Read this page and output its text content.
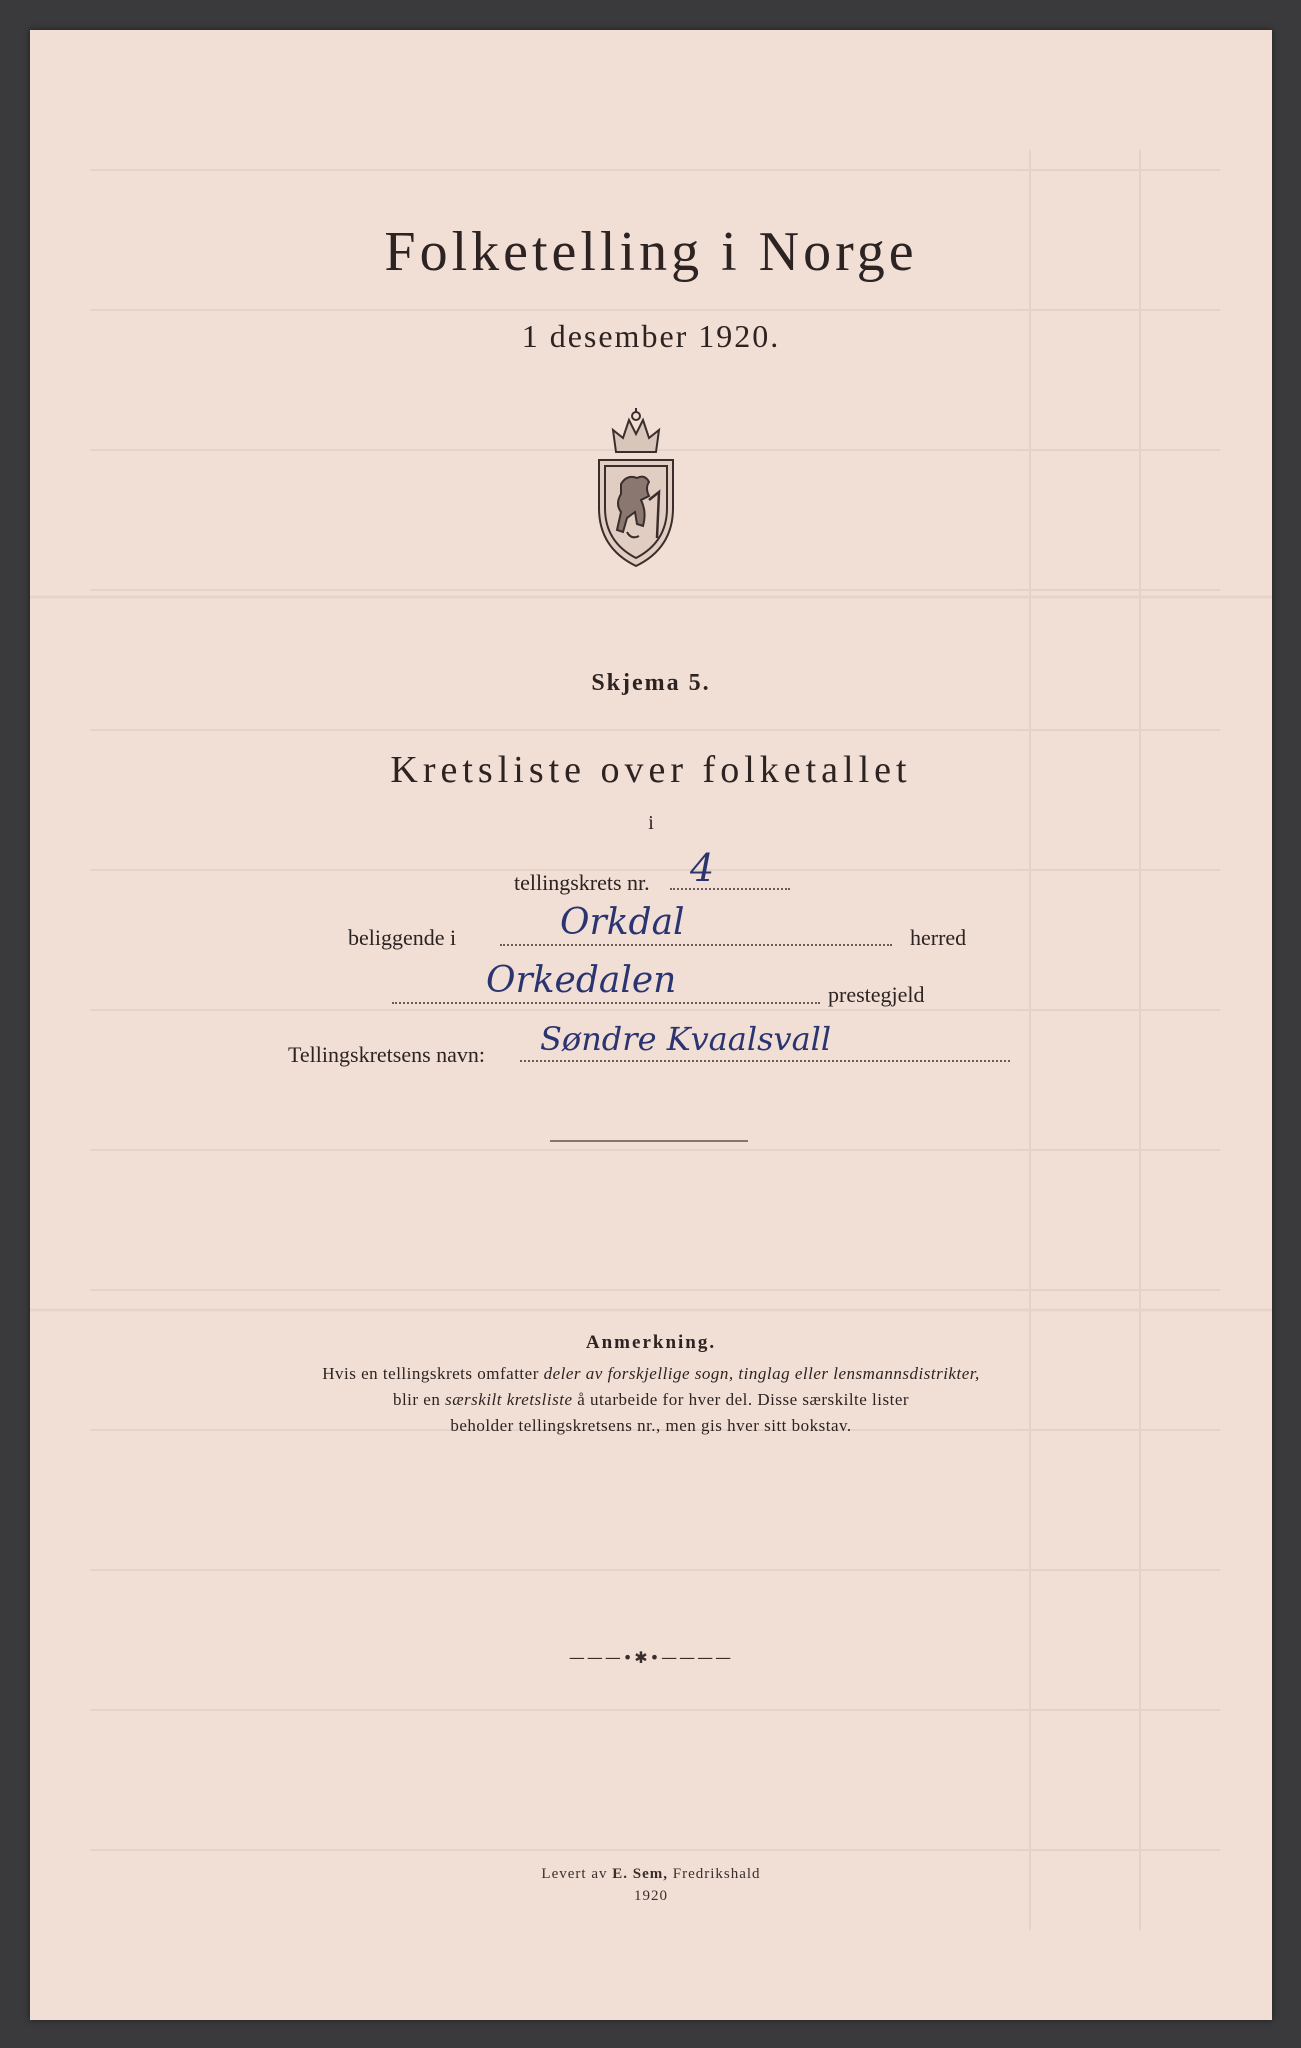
Folketelling i Norge
1 desember 1920.
Skjema 5.
Kretsliste over folketallet
i
tellingskrets nr. 4
beliggende i	Orkdal	herred
Orkedalen	prestegjeld
Tellingskretsens navn: Søndre Kvaalsvall
Anmerkning.
Hvis en tellingskrets omfatter deler av forskjellige sogn, tinglag eller lensmannsdistrikter,
blir en særskilt kretsliste å utarbeide for hver del. Disse særskilte lister
beholder tellingskretsens nr., men gis hver sitt bokstav.
———•✱•————
Levert av E. Sem, Fredrikshald
1920
